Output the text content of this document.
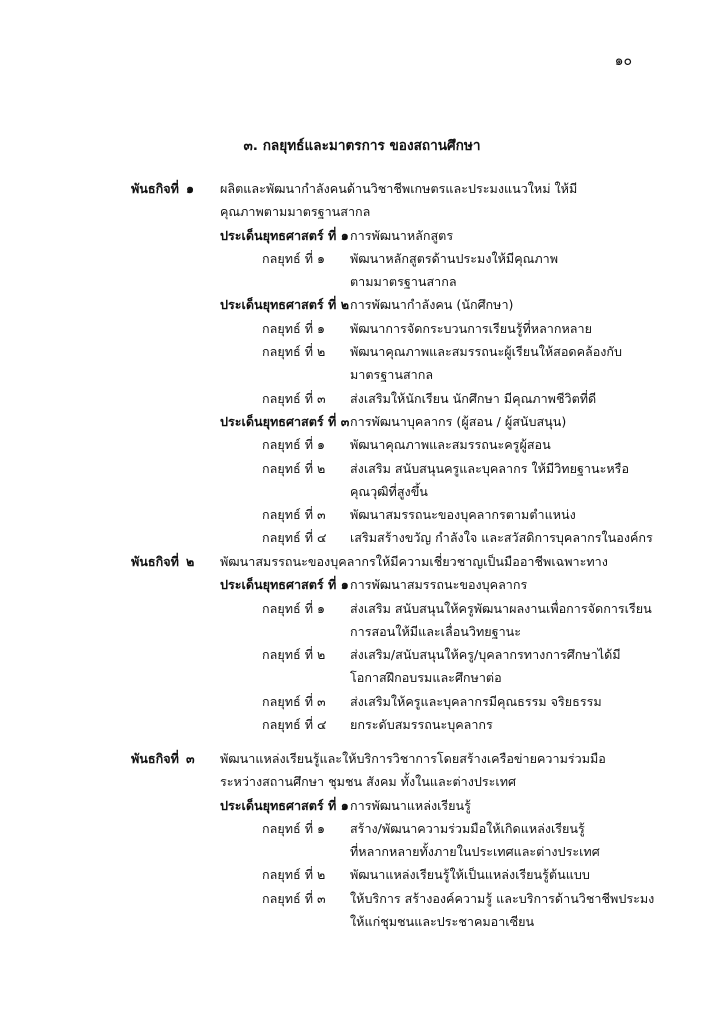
๑๐
๓. กลยุทธ์และมาตรการ ของสถานศึกษา
พันธกิจที่ ๑ ผลิตและพัฒนากำลังคนด้านวิชาชีพเกษตรและประมงแนวใหม่ ให้มี
คุณภาพตามมาตรฐานสากล
ประเด็นยุทธศาสตร์ ที่ ๑ การพัฒนาหลักสูตร
กลยุทธ์ ที่ ๑ พัฒนาหลักสูตรด้านประมงให้มีคุณภาพ
ตามมาตรฐานสากล
ประเด็นยุทธศาสตร์ ที่ ๒ การพัฒนากำลังคน (นักศึกษา)
กลยุทธ์ ที่ ๑ พัฒนาการจัดกระบวนการเรียนรู้ที่หลากหลาย
กลยุทธ์ ที่ ๒ พัฒนาคุณภาพและสมรรถนะผู้เรียนให้สอดคล้องกับ
มาตรฐานสากล
กลยุทธ์ ที่ ๓ ส่งเสริมให้นักเรียน นักศึกษา มีคุณภาพชีวิตที่ดี
ประเด็นยุทธศาสตร์ ที่ ๓ การพัฒนาบุคลากร (ผู้สอน / ผู้สนับสนุน)
กลยุทธ์ ที่ ๑ พัฒนาคุณภาพและสมรรถนะครูผู้สอน
กลยุทธ์ ที่ ๒ ส่งเสริม สนับสนุนครูและบุคลากร ให้มีวิทยฐานะหรือ
คุณวุฒิที่สูงขึ้น
กลยุทธ์ ที่ ๓ พัฒนาสมรรถนะของบุคลากรตามตำแหน่ง
กลยุทธ์ ที่ ๔ เสริมสร้างขวัญ กำลังใจ และสวัสดิการบุคลากรในองค์กร
พันธกิจที่ ๒ พัฒนาสมรรถนะของบุคลากรให้มีความเชี่ยวชาญเป็นมืออาชีพเฉพาะทาง
ประเด็นยุทธศาสตร์ ที่ ๑ การพัฒนาสมรรถนะของบุคลากร
กลยุทธ์ ที่ ๑ ส่งเสริม สนับสนุนให้ครูพัฒนาผลงานเพื่อการจัดการเรียน
การสอนให้มีและเลื่อนวิทยฐานะ
กลยุทธ์ ที่ ๒ ส่งเสริม/สนับสนุนให้ครู/บุคลากรทางการศึกษาได้มี
โอกาสฝึกอบรมและศึกษาต่อ
กลยุทธ์ ที่ ๓ ส่งเสริมให้ครูและบุคลากรมีคุณธรรม จริยธรรม
กลยุทธ์ ที่ ๔ ยกระดับสมรรถนะบุคลากร
พันธกิจที่ ๓ พัฒนาแหล่งเรียนรู้และให้บริการวิชาการโดยสร้างเครือข่ายความร่วมมือ
ระหว่างสถานศึกษา ชุมชน สังคม ทั้งในและต่างประเทศ
ประเด็นยุทธศาสตร์ ที่ ๑ การพัฒนาแหล่งเรียนรู้
กลยุทธ์ ที่ ๑ สร้าง/พัฒนาความร่วมมือให้เกิดแหล่งเรียนรู้
ที่หลากหลายทั้งภายในประเทศและต่างประเทศ
กลยุทธ์ ที่ ๒ พัฒนาแหล่งเรียนรู้ให้เป็นแหล่งเรียนรู้ต้นแบบ
กลยุทธ์ ที่ ๓ ให้บริการ สร้างองค์ความรู้ และบริการด้านวิชาชีพประมง
ให้แก่ชุมชนและประชาคมอาเซียน
